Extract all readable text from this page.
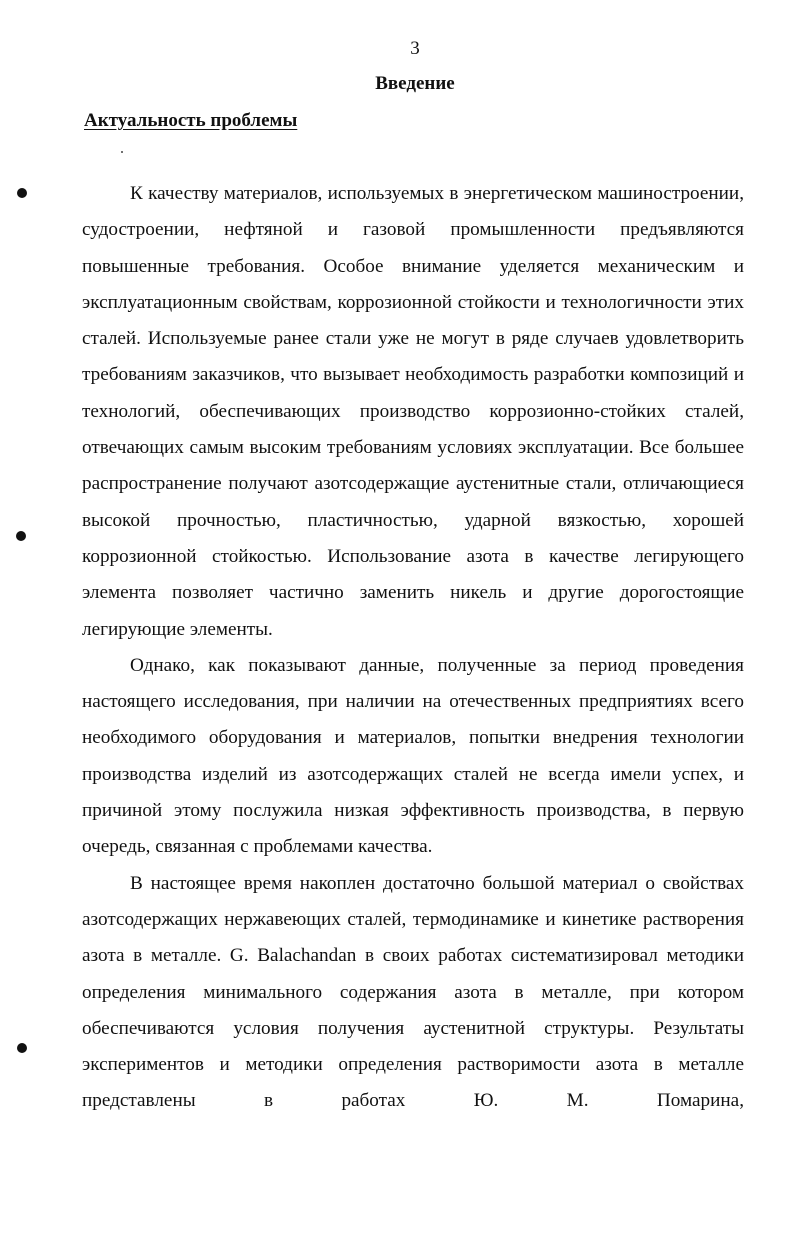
3
Введение
Актуальность проблемы

К качеству материалов, используемых в энергетическом машиностроении, судостроении, нефтяной и газовой промышленности предъявляются повышенные требования. Особое внимание уделяется механическим и эксплуатационным свойствам, коррозионной стойкости и технологичности этих сталей. Используемые ранее стали уже не могут в ряде случаев удовлетворить требованиям заказчиков, что вызывает необходимость разработки композиций и технологий, обеспечивающих производство коррозионно-стойких сталей, отвечающих самым высоким требованиям условиях эксплуатации. Все большее распространение получают азотсодержащие аустенитные стали, отличающиеся высокой прочностью, пластичностью, ударной вязкостью, хорошей коррозионной стойкостью. Использование азота в качестве легирующего элемента позволяет частично заменить никель и другие дорогостоящие легирующие элементы.

Однако, как показывают данные, полученные за период проведения настоящего исследования, при наличии на отечественных предприятиях всего необходимого оборудования и материалов, попытки внедрения технологии производства изделий из азотсодержащих сталей не всегда имели успех, и причиной этому послужила низкая эффективность производства, в первую очередь, связанная с проблемами качества.

В настоящее время накоплен достаточно большой материал о свойствах азотсодержащих нержавеющих сталей, термодинамике и кинетике растворения азота в металле. G. Balachandan в своих работах систематизировал методики определения минимального содержания азота в металле, при котором обеспечиваются условия получения аустенитной структуры. Результаты экспериментов и методики определения растворимости азота в металле представлены в работах Ю. М. Помарина,
